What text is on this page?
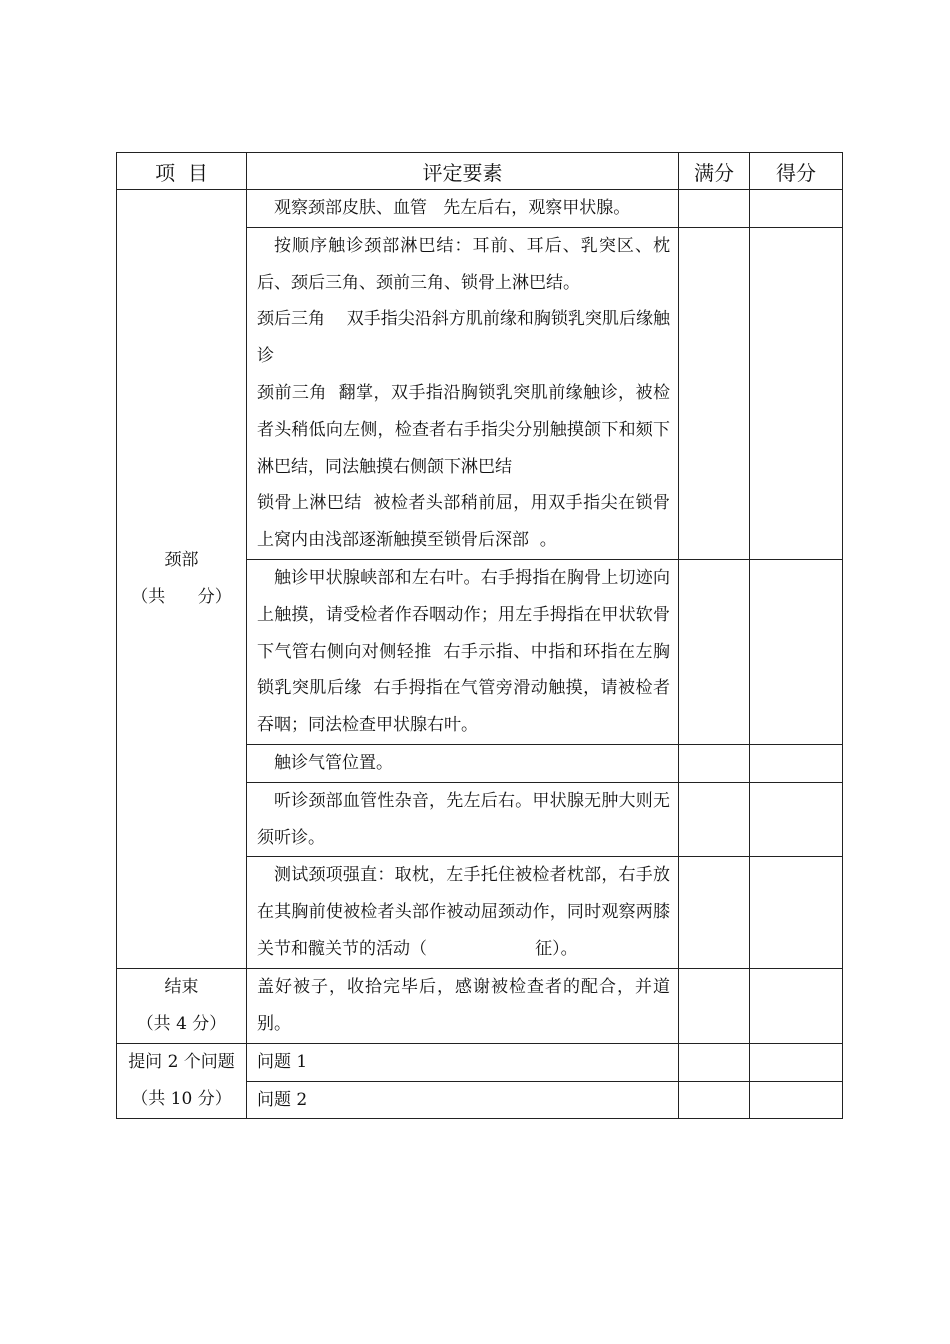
项  目	评定要素	满分	得分

颈部
（共      分）	观察颈部皮肤、血管   先左后右，观察甲状腺。		

	按顺序触诊颈部淋巴结：耳前、耳后、乳突区、枕后、颈后三角、颈前三角、锁骨上淋巴结。
颈后三角    双手指尖沿斜方肌前缘和胸锁乳突肌后缘触诊
颈前三角  翻掌，双手指沿胸锁乳突肌前缘触诊，被检者头稍低向左侧，检查者右手指尖分别触摸颌下和颏下淋巴结，同法触摸右侧颌下淋巴结
锁骨上淋巴结  被检者头部稍前屈，用双手指尖在锁骨上窝内由浅部逐渐触摸至锁骨后深部  。		

	触诊甲状腺峡部和左右叶。右手拇指在胸骨上切迹向上触摸，请受检者作吞咽动作；用左手拇指在甲状软骨下气管右侧向对侧轻推  右手示指、中指和环指在左胸锁乳突肌后缘  右手拇指在气管旁滑动触摸，请被检者吞咽；同法检查甲状腺右叶。		

	触诊气管位置。		

	听诊颈部血管性杂音，先左后右。甲状腺无肿大则无须听诊。		

	测试颈项强直：取枕，左手托住被检者枕部，右手放在其胸前使被检者头部作被动屈颈动作，同时观察两膝关节和髋关节的活动（                    征）。		

结束
（共 4 分）	盖好被子，收拾完毕后，感谢被检查者的配合，并道别。		

提问 2 个问题
（共 10 分）	问题 1		

	问题 2		
